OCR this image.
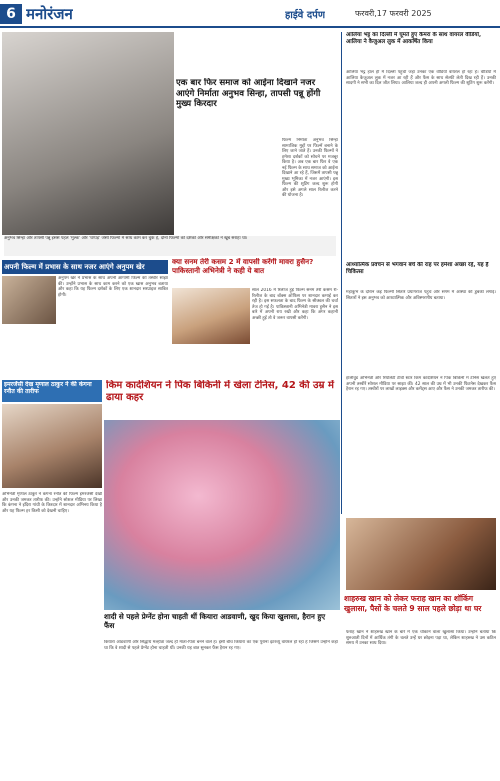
6 मनोरंजन	हाईवे दर्पण	फरवरी,17 फरवरी 2025
एक बार फिर समाज को आईना दिखाने नजर आएंगे निर्माता अनुभव सिन्हा, तापसी पन्नू होंगी मुख्य किरदार
फिल्म निर्माता अनुभव सिन्हा सामाजिक मुद्दों पर फिल्में बनाने के लिए जाने जाते हैं। उनकी फिल्मों ने हमेशा दर्शकों को सोचने पर मजबूर किया है। अब एक बार फिर वे एक नई फिल्म के साथ समाज को आईना दिखाने आ रहे हैं, जिसमें तापसी पन्नू मुख्य भूमिका में नजर आएंगी। इस फिल्म की शूटिंग जल्द शुरू होगी और इसे अगले साल रिलीज करने की योजना है।
अनुभव सिन्हा और तापसी पन्नू इससे पहले 'मुल्क' और 'थप्पड़' जैसी फिल्मों में साथ काम कर चुके हैं, दोनों फिल्मों को दर्शकों और समीक्षकों ने खूब सराहा था।
आलिया भट्ट का दिल्ली में घूमते हुए कैमरा के साथ वायरल वीडियो, आलिया ने कैजुअल लुक में आकर्षित किया
आलिया भट्ट हाल ही में दिल्ली पहुंचीं जहां उनका एक वीडियो वायरल हो रहा है। वीडियो में आलिया कैजुअल लुक में नजर आ रही हैं और फैंस के साथ सेल्फी लेती दिख रही हैं। उनकी सादगी ने सभी का दिल जीत लिया। आलिया जल्द ही अपनी अगली फिल्म की शूटिंग शुरू करेंगी।
अपनी फिल्म में प्रभास के साथ नजर आएंगे अनुपम खेर
अनुपम खेर ने प्रभास के साथ अपनी आगामी फिल्म की तस्वीर साझा की। उन्होंने प्रभास के साथ काम करने को एक खास अनुभव बताया और कहा कि यह फिल्म दर्शकों के लिए एक शानदार सरप्राइज साबित होगी।
क्या सनम तेरी कसम 2 में वापसी करेंगी मावरा हुसैन? पाकिस्तानी अभिनेत्री ने कही ये बात
साल 2016 में रिलीज हुई फिल्म सनम तेरी कसम री-रिलीज के बाद बॉक्स ऑफिस पर शानदार कमाई कर रही है। इस सफलता के बाद फिल्म के सीक्वल की चर्चा तेज हो गई है। पाकिस्तानी अभिनेत्री मावरा हुसैन ने इस बारे में अपनी राय रखी और कहा कि अगर कहानी अच्छी हुई तो वे जरूर वापसी करेंगी।
आध्यात्मिक प्रवचन से भगवान बचें की राह पर हमेशा अच्छा रहे, यह है चिकित्सा
महाकुंभ के दौरान कई फिल्मी सितारे प्रयागराज पहुंचे और संगम में आस्था की डुबकी लगाई। सितारों ने इस अनुभव को आध्यात्मिक और अविस्मरणीय बताया।
इमरजेंसी देख मृणाल ठाकुर ने की कंगना रनौत की तारीफ
अभिनेत्री मृणाल ठाकुर ने कंगना रनौत की फिल्म इमरजेंसी देखी और उनकी जमकर तारीफ की। उन्होंने सोशल मीडिया पर लिखा कि कंगना ने इंदिरा गांधी के किरदार में शानदार अभिनय किया है और यह फिल्म हर किसी को देखनी चाहिए।
किम कार्दशियन ने पिंक बिकिनी में खेला टेनिस, 42 की उम्र में ढाया कहर
हॉलीवुड अभिनेत्री और रियलिटी टीवी स्टार किम कार्दशियन ने पिंक बिकिनी में टेनिस खेलते हुए अपनी तस्वीरें सोशल मीडिया पर साझा कीं। 42 साल की उम्र में भी उनकी फिटनेस देखकर फैंस हैरान रह गए। तस्वीरों पर लाखों लाइक्स और कमेंट्स आए और फैंस ने उनकी जमकर तारीफ की।
शादी से पहले प्रेग्नेंट होना चाहती थीं कियारा आडवाणी, खुद किया खुलासा, हैरान हुए फैंस
कियारा आडवाणी और सिद्धार्थ मल्होत्रा जल्द ही माता-पिता बनने वाले हैं। इसी बीच कियारा का एक पुराना इंटरव्यू वायरल हो रहा है जिसमें उन्होंने कहा था कि वे शादी से पहले प्रेग्नेंट होना चाहती थीं। उनकी यह बात सुनकर फैंस हैरान रह गए।
शाहरुख खान को लेकर फराह खान का शॉकिंग खुलासा, पैसों के चलते 9 साल पहले छोड़ा था घर
फराह खान ने शाहरुख खान के बारे में एक चौंकाने वाला खुलासा किया। उन्होंने बताया कि शुरुआती दिनों में आर्थिक तंगी के चलते उन्हें घर छोड़ना पड़ा था, लेकिन शाहरुख ने उस कठिन समय में उनका साथ दिया।
